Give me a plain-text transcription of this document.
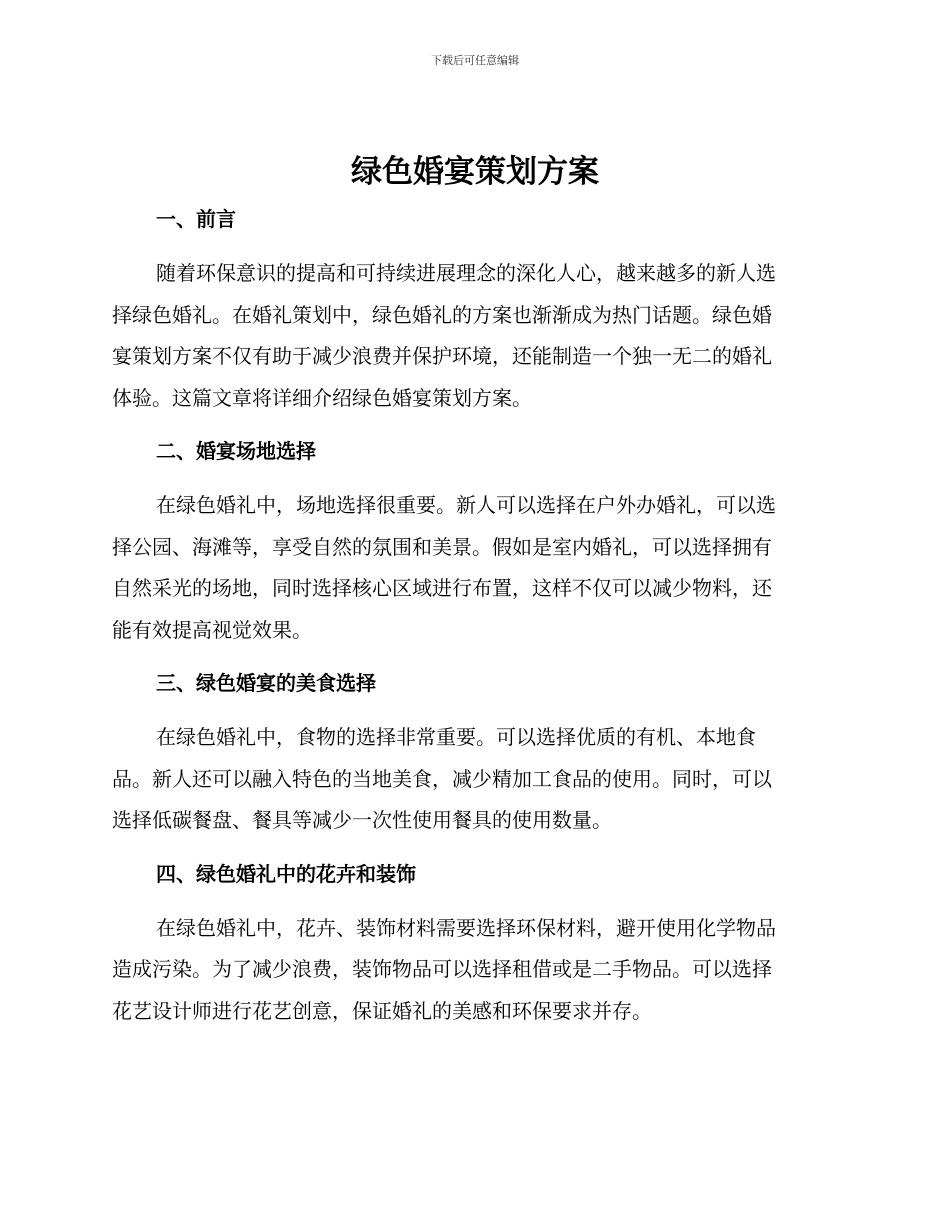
下载后可任意编辑
绿色婚宴策划方案
一、前言
随着环保意识的提高和可持续进展理念的深化人心，越来越多的新人选
择绿色婚礼。在婚礼策划中，绿色婚礼的方案也渐渐成为热门话题。绿色婚
宴策划方案不仅有助于减少浪费并保护环境，还能制造一个独一无二的婚礼
体验。这篇文章将详细介绍绿色婚宴策划方案。
二、婚宴场地选择
在绿色婚礼中，场地选择很重要。新人可以选择在户外办婚礼，可以选
择公园、海滩等，享受自然的氛围和美景。假如是室内婚礼，可以选择拥有
自然采光的场地，同时选择核心区域进行布置，这样不仅可以减少物料，还
能有效提高视觉效果。
三、绿色婚宴的美食选择
在绿色婚礼中，食物的选择非常重要。可以选择优质的有机、本地食
品。新人还可以融入特色的当地美食，减少精加工食品的使用。同时，可以
选择低碳餐盘、餐具等减少一次性使用餐具的使用数量。
四、绿色婚礼中的花卉和装饰
在绿色婚礼中，花卉、装饰材料需要选择环保材料，避开使用化学物品
造成污染。为了减少浪费，装饰物品可以选择租借或是二手物品。可以选择
花艺设计师进行花艺创意，保证婚礼的美感和环保要求并存。
